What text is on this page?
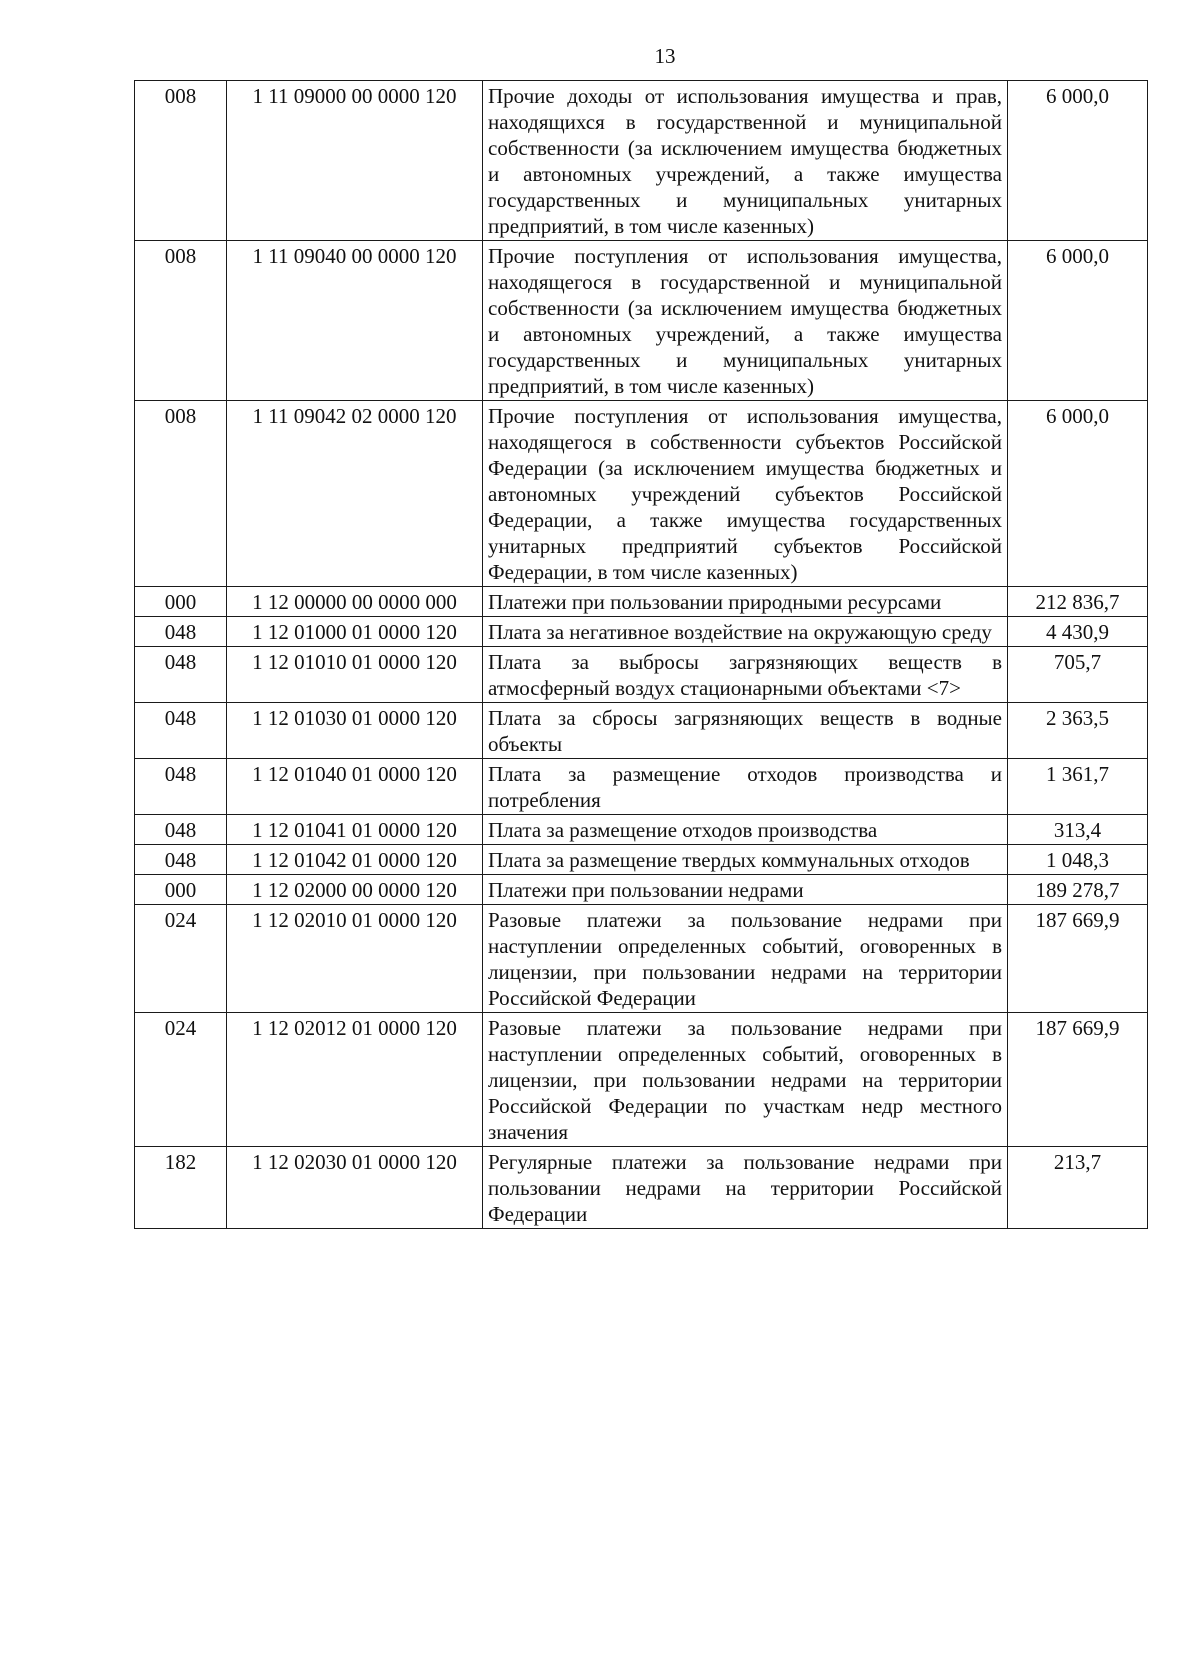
13
008	1 11 09000 00 0000 120	Прочие доходы от использования имущества и прав, находящихся в государственной и муниципальной собственности (за исключением имущества бюджетных и автономных учреждений, а также имущества государственных и муниципальных унитарных предприятий, в том числе казенных)	6 000,0
008	1 11 09040 00 0000 120	Прочие поступления от использования имущества, находящегося в государственной и муниципальной собственности (за исключением имущества бюджетных и автономных учреждений, а также имущества государственных и муниципальных унитарных предприятий, в том числе казенных)	6 000,0
008	1 11 09042 02 0000 120	Прочие поступления от использования имущества, находящегося в собственности субъектов Российской Федерации (за исключением имущества бюджетных и автономных учреждений субъектов Российской Федерации, а также имущества государственных унитарных предприятий субъектов Российской Федерации, в том числе казенных)	6 000,0
000	1 12 00000 00 0000 000	Платежи при пользовании природными ресурсами	212 836,7
048	1 12 01000 01 0000 120	Плата за негативное воздействие на окружающую среду	4 430,9
048	1 12 01010 01 0000 120	Плата за выбросы загрязняющих веществ в атмосферный воздух стационарными объектами <7>	705,7
048	1 12 01030 01 0000 120	Плата за сбросы загрязняющих веществ в водные объекты	2 363,5
048	1 12 01040 01 0000 120	Плата за размещение отходов производства и потребления	1 361,7
048	1 12 01041 01 0000 120	Плата за размещение отходов производства	313,4
048	1 12 01042 01 0000 120	Плата за размещение твердых коммунальных отходов	1 048,3
000	1 12 02000 00 0000 120	Платежи при пользовании недрами	189 278,7
024	1 12 02010 01 0000 120	Разовые платежи за пользование недрами при наступлении определенных событий, оговоренных в лицензии, при пользовании недрами на территории Российской Федерации	187 669,9
024	1 12 02012 01 0000 120	Разовые платежи за пользование недрами при наступлении определенных событий, оговоренных в лицензии, при пользовании недрами на территории Российской Федерации по участкам недр местного значения	187 669,9
182	1 12 02030 01 0000 120	Регулярные платежи за пользование недрами при пользовании недрами на территории Российской Федерации	213,7
